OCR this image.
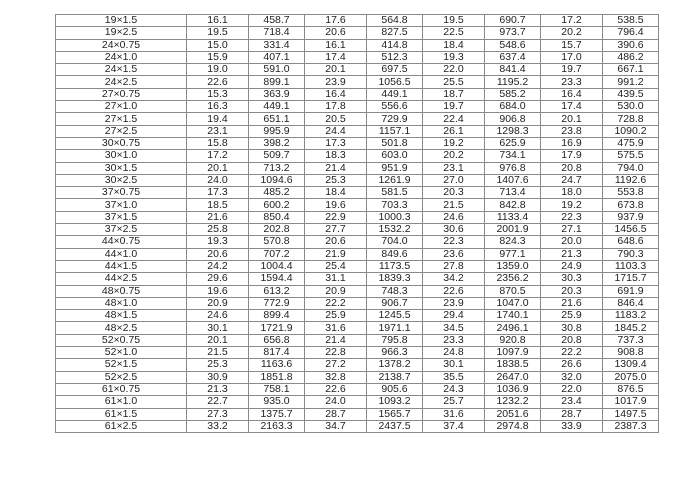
19×1.5	16.1	458.7	17.6	564.8	19.5	690.7	17.2	538.5
19×2.5	19.5	718.4	20.6	827.5	22.5	973.7	20.2	796.4
24×0.75	15.0	331.4	16.1	414.8	18.4	548.6	15.7	390.6
24×1.0	15.9	407.1	17.4	512.3	19.3	637.4	17.0	486.2
24×1.5	19.0	591.0	20.1	697.5	22.0	841.4	19.7	667.1
24×2.5	22.6	899.1	23.9	1056.5	25.5	1195.2	23.3	991.2
27×0.75	15.3	363.9	16.4	449.1	18.7	585.2	16.4	439.5
27×1.0	16.3	449.1	17.8	556.6	19.7	684.0	17.4	530.0
27×1.5	19.4	651.1	20.5	729.9	22.4	906.8	20.1	728.8
27×2.5	23.1	995.9	24.4	1157.1	26.1	1298.3	23.8	1090.2
30×0.75	15.8	398.2	17.3	501.8	19.2	625.9	16.9	475.9
30×1.0	17.2	509.7	18.3	603.0	20.2	734.1	17.9	575.5
30×1.5	20.1	713.2	21.4	951.9	23.1	976.8	20.8	794.0
30×2.5	24.0	1094.6	25.3	1261.9	27.0	1407.6	24.7	1192.6
37×0.75	17.3	485.2	18.4	581.5	20.3	713.4	18.0	553.8
37×1.0	18.5	600.2	19.6	703.3	21.5	842.8	19.2	673.8
37×1.5	21.6	850.4	22.9	1000.3	24.6	1133.4	22.3	937.9
37×2.5	25.8	202.8	27.7	1532.2	30.6	2001.9	27.1	1456.5
44×0.75	19.3	570.8	20.6	704.0	22.3	824.3	20.0	648.6
44×1.0	20.6	707.2	21.9	849.6	23.6	977.1	21.3	790.3
44×1.5	24.2	1004.4	25.4	1173.5	27.8	1359.0	24.9	1103.3
44×2.5	29.6	1594.4	31.1	1839.3	34.2	2356.2	30.3	1715.7
48×0.75	19.6	613.2	20.9	748.3	22.6	870.5	20.3	691.9
48×1.0	20.9	772.9	22.2	906.7	23.9	1047.0	21.6	846.4
48×1.5	24.6	899.4	25.9	1245.5	29.4	1740.1	25.9	1183.2
48×2.5	30.1	1721.9	31.6	1971.1	34.5	2496.1	30.8	1845.2
52×0.75	20.1	656.8	21.4	795.8	23.3	920.8	20.8	737.3
52×1.0	21.5	817.4	22.8	966.3	24.8	1097.9	22.2	908.8
52×1.5	25.3	1163.6	27.2	1378.2	30.1	1838.5	26.6	1309.4
52×2.5	30.9	1851.8	32.8	2138.7	35.5	2647.0	32.0	2075.0
61×0.75	21.3	758.1	22.6	905.6	24.3	1036.9	22.0	876.5
61×1.0	22.7	935.0	24.0	1093.2	25.7	1232.2	23.4	1017.9
61×1.5	27.3	1375.7	28.7	1565.7	31.6	2051.6	28.7	1497.5
61×2.5	33.2	2163.3	34.7	2437.5	37.4	2974.8	33.9	2387.3
